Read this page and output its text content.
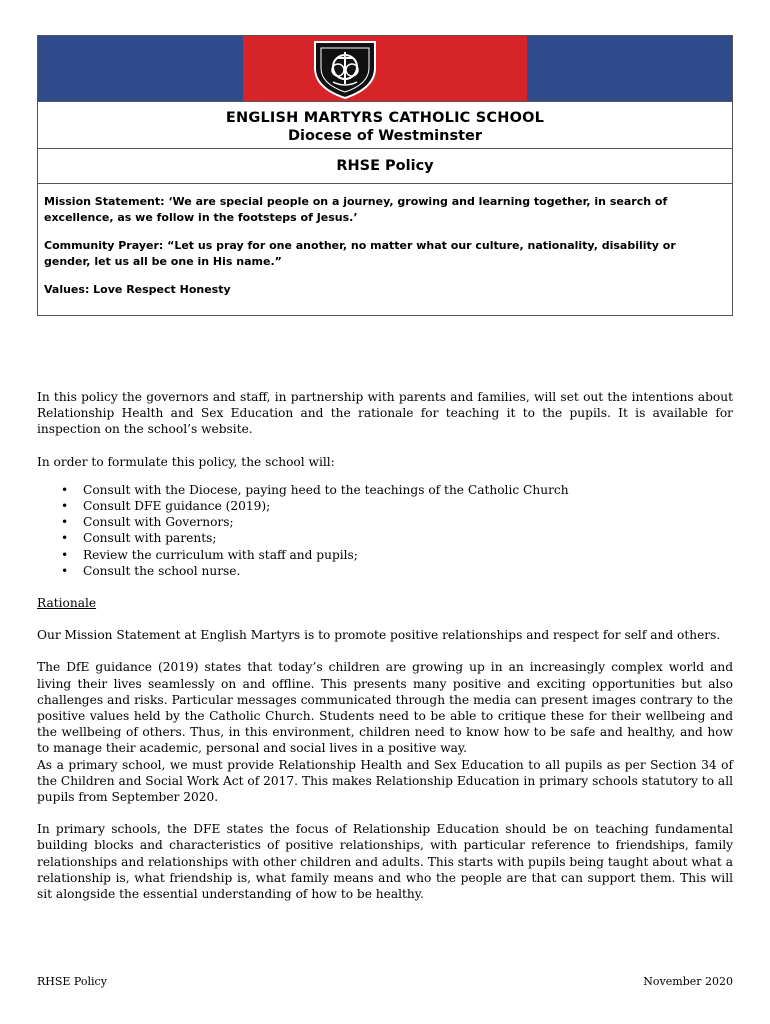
ENGLISH MARTYRS CATHOLIC SCHOOL
Diocese of Westminster
RHSE Policy

Mission Statement: ‘We are special people on a journey, growing and learning together, in search of excellence, as we follow in the footsteps of Jesus.’

Community Prayer: “Let us pray for one another, no matter what our culture, nationality, disability or gender, let us all be one in His name.”

Values: Love Respect Honesty

In this policy the governors and staff, in partnership with parents and families, will set out the intentions about Relationship Health and Sex Education and the rationale for teaching it to the pupils. It is available for inspection on the school’s website.

In order to formulate this policy, the school will:

• Consult with the Diocese, paying heed to the teachings of the Catholic Church
• Consult DFE guidance (2019);
• Consult with Governors;
• Consult with parents;
• Review the curriculum with staff and pupils;
• Consult the school nurse.
Rationale

Our Mission Statement at English Martyrs is to promote positive relationships and respect for self and others.

The DfE guidance (2019) states that today’s children are growing up in an increasingly complex world and living their lives seamlessly on and offline. This presents many positive and exciting opportunities but also challenges and risks. Particular messages communicated through the media can present images contrary to the positive values held by the Catholic Church. Students need to be able to critique these for their wellbeing and the wellbeing of others. Thus, in this environment, children need to know how to be safe and healthy, and how to manage their academic, personal and social lives in a positive way.

As a primary school, we must provide Relationship Health and Sex Education to all pupils as per Section 34 of the Children and Social Work Act of 2017. This makes Relationship Education in primary schools statutory to all pupils from September 2020.

In primary schools, the DFE states the focus of Relationship Education should be on teaching fundamental building blocks and characteristics of positive relationships, with particular reference to friendships, family relationships and relationships with other children and adults. This starts with pupils being taught about what a relationship is, what friendship is, what family means and who the people are that can support them. This will sit alongside the essential understanding of how to be healthy.

RHSE Policy	November 2020
